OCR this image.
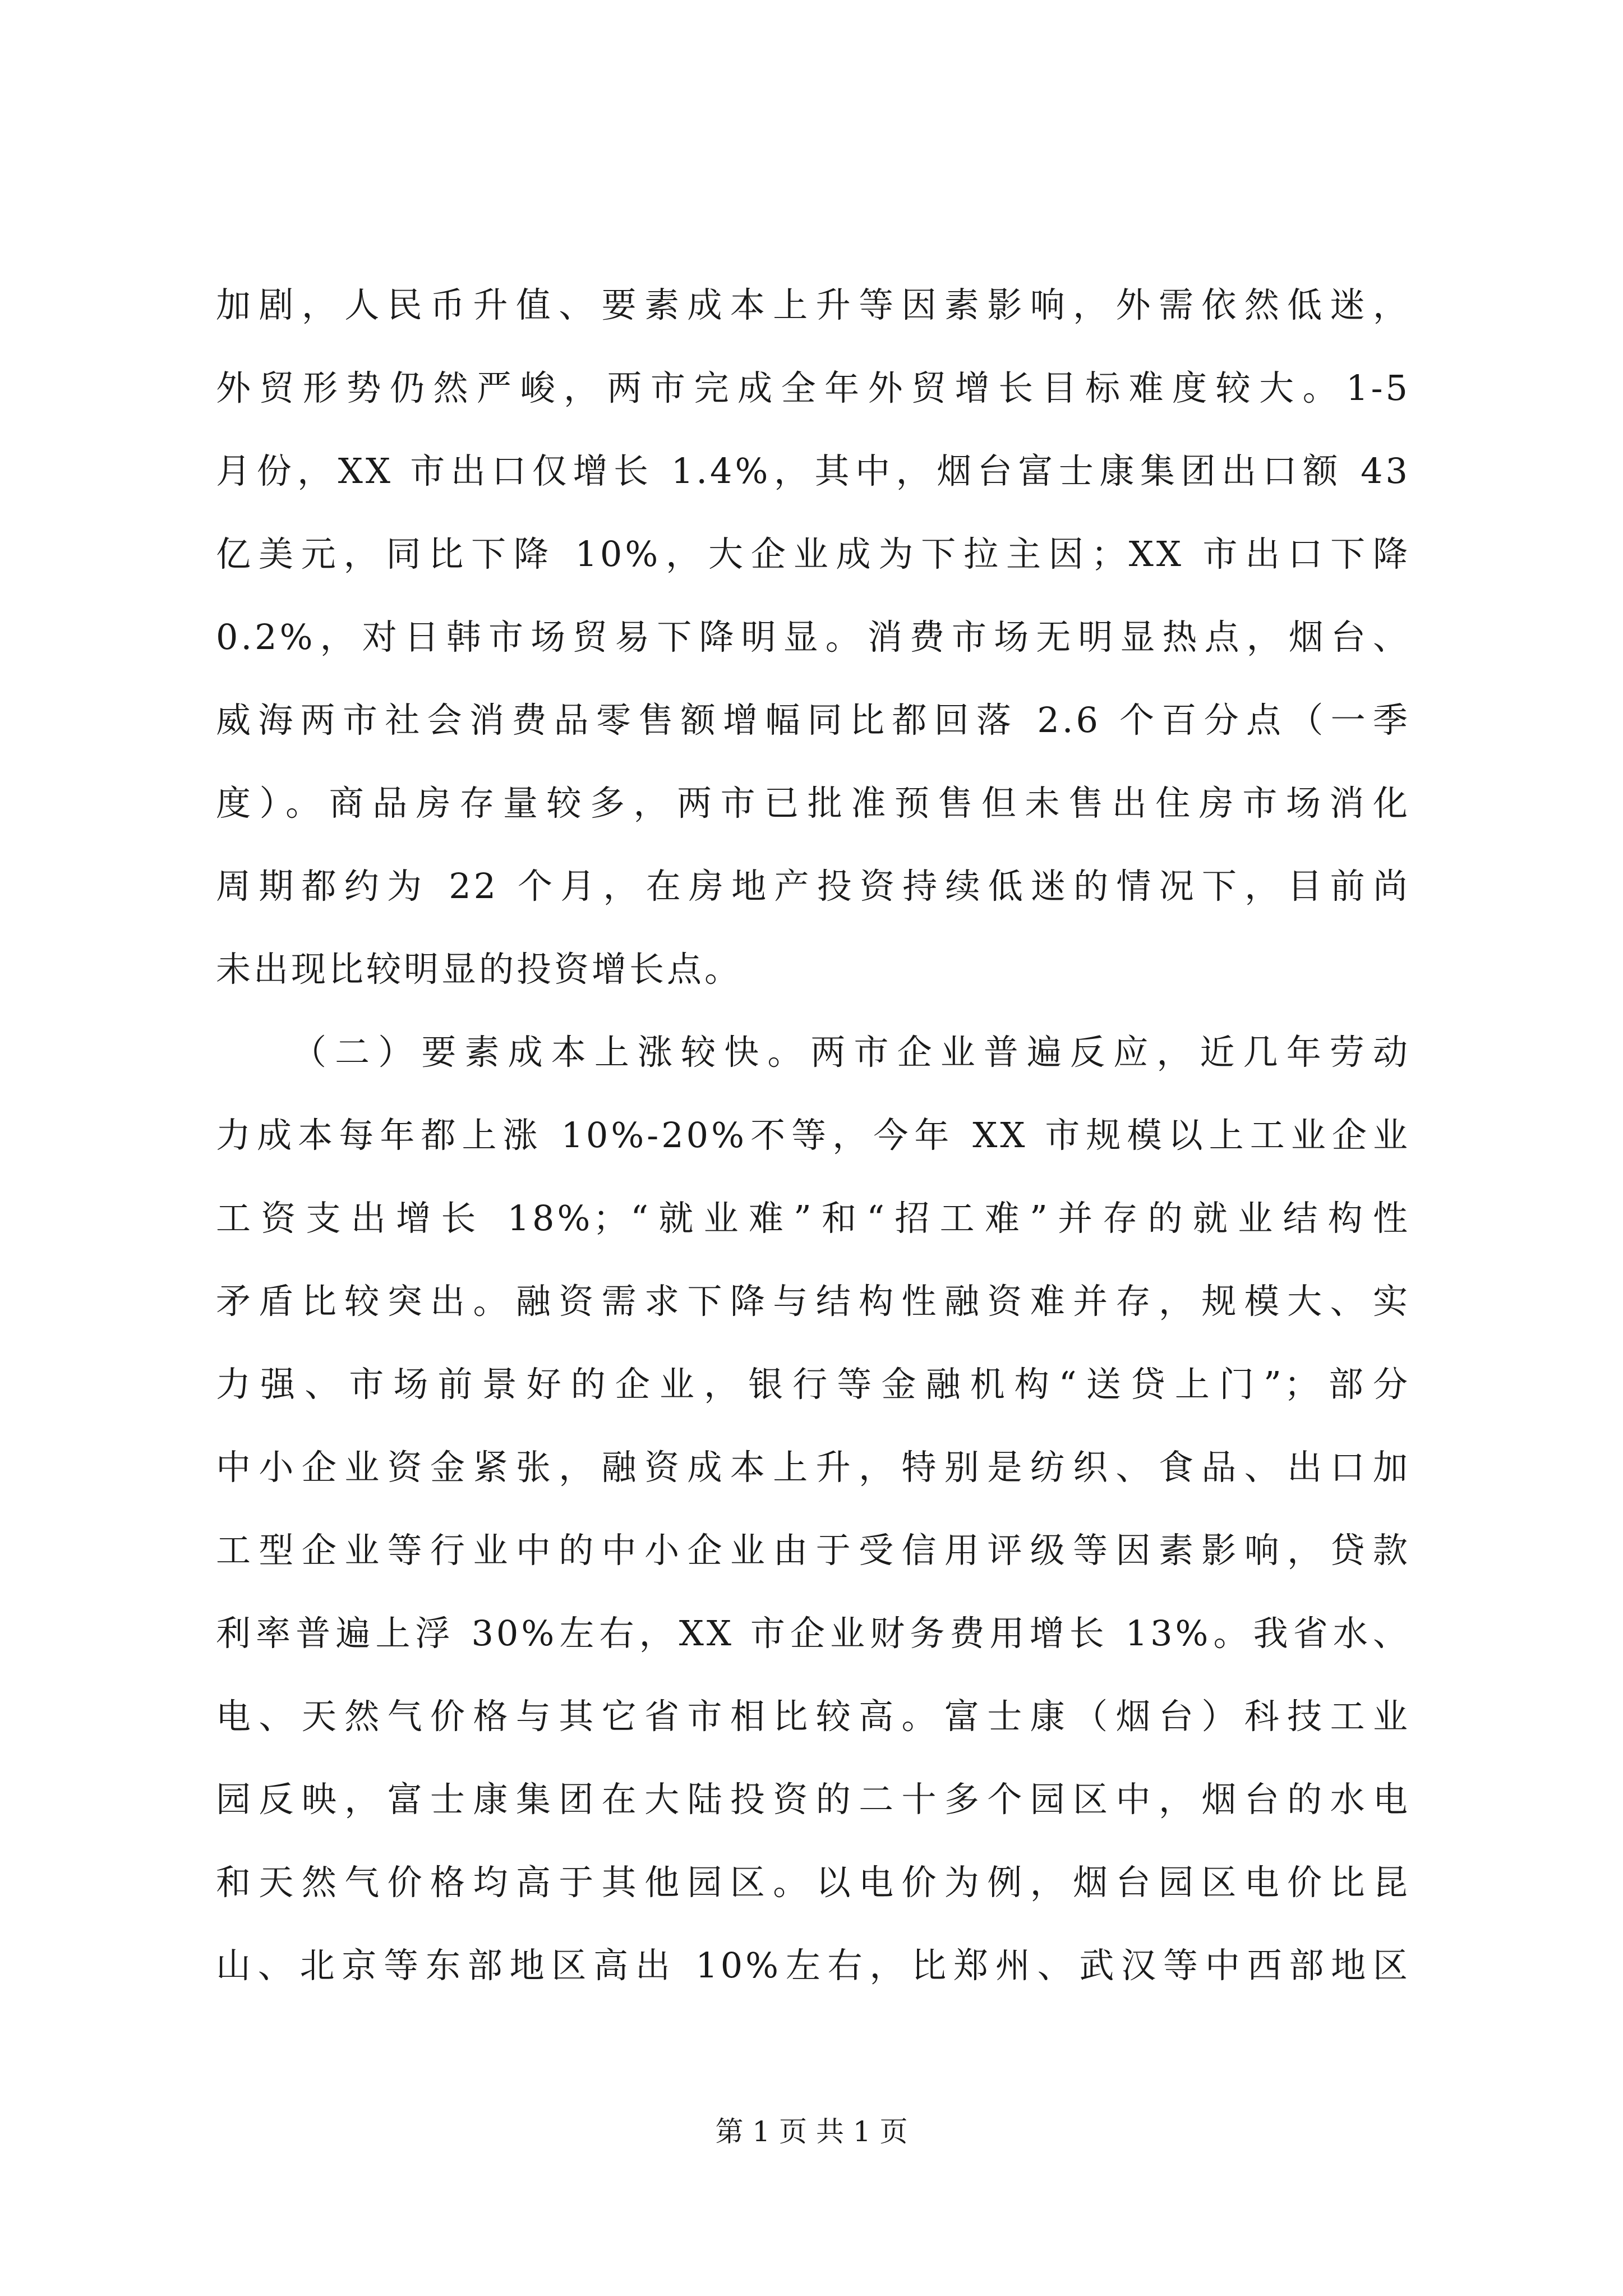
加剧，人民币升值、要素成本上升等因素影响，外需依然低迷，
外贸形势仍然严峻，两市完成全年外贸增长目标难度较大。1-5
月份，XX 市出口仅增长 1.4%，其中，烟台富士康集团出口额 43
亿美元，同比下降 10%，大企业成为下拉主因；XX 市出口下降
0.2%，对日韩市场贸易下降明显。消费市场无明显热点，烟台、
威海两市社会消费品零售额增幅同比都回落 2.6 个百分点（一季
度）。商品房存量较多，两市已批准预售但未售出住房市场消化
周期都约为 22 个月，在房地产投资持续低迷的情况下，目前尚
未出现比较明显的投资增长点。
（二）要素成本上涨较快。两市企业普遍反应，近几年劳动
力成本每年都上涨 10%-20%不等，今年 XX 市规模以上工业企业
工资支出增长 18%；“就业难”和“招工难”并存的就业结构性
矛盾比较突出。融资需求下降与结构性融资难并存，规模大、实
力强、市场前景好的企业，银行等金融机构“送贷上门”；部分
中小企业资金紧张，融资成本上升，特别是纺织、食品、出口加
工型企业等行业中的中小企业由于受信用评级等因素影响，贷款
利率普遍上浮 30%左右，XX 市企业财务费用增长 13%。我省水、
电、天然气价格与其它省市相比较高。富士康（烟台）科技工业
园反映，富士康集团在大陆投资的二十多个园区中，烟台的水电
和天然气价格均高于其他园区。以电价为例，烟台园区电价比昆
山、北京等东部地区高出 10%左右，比郑州、武汉等中西部地区
第 1 页 共 1 页
